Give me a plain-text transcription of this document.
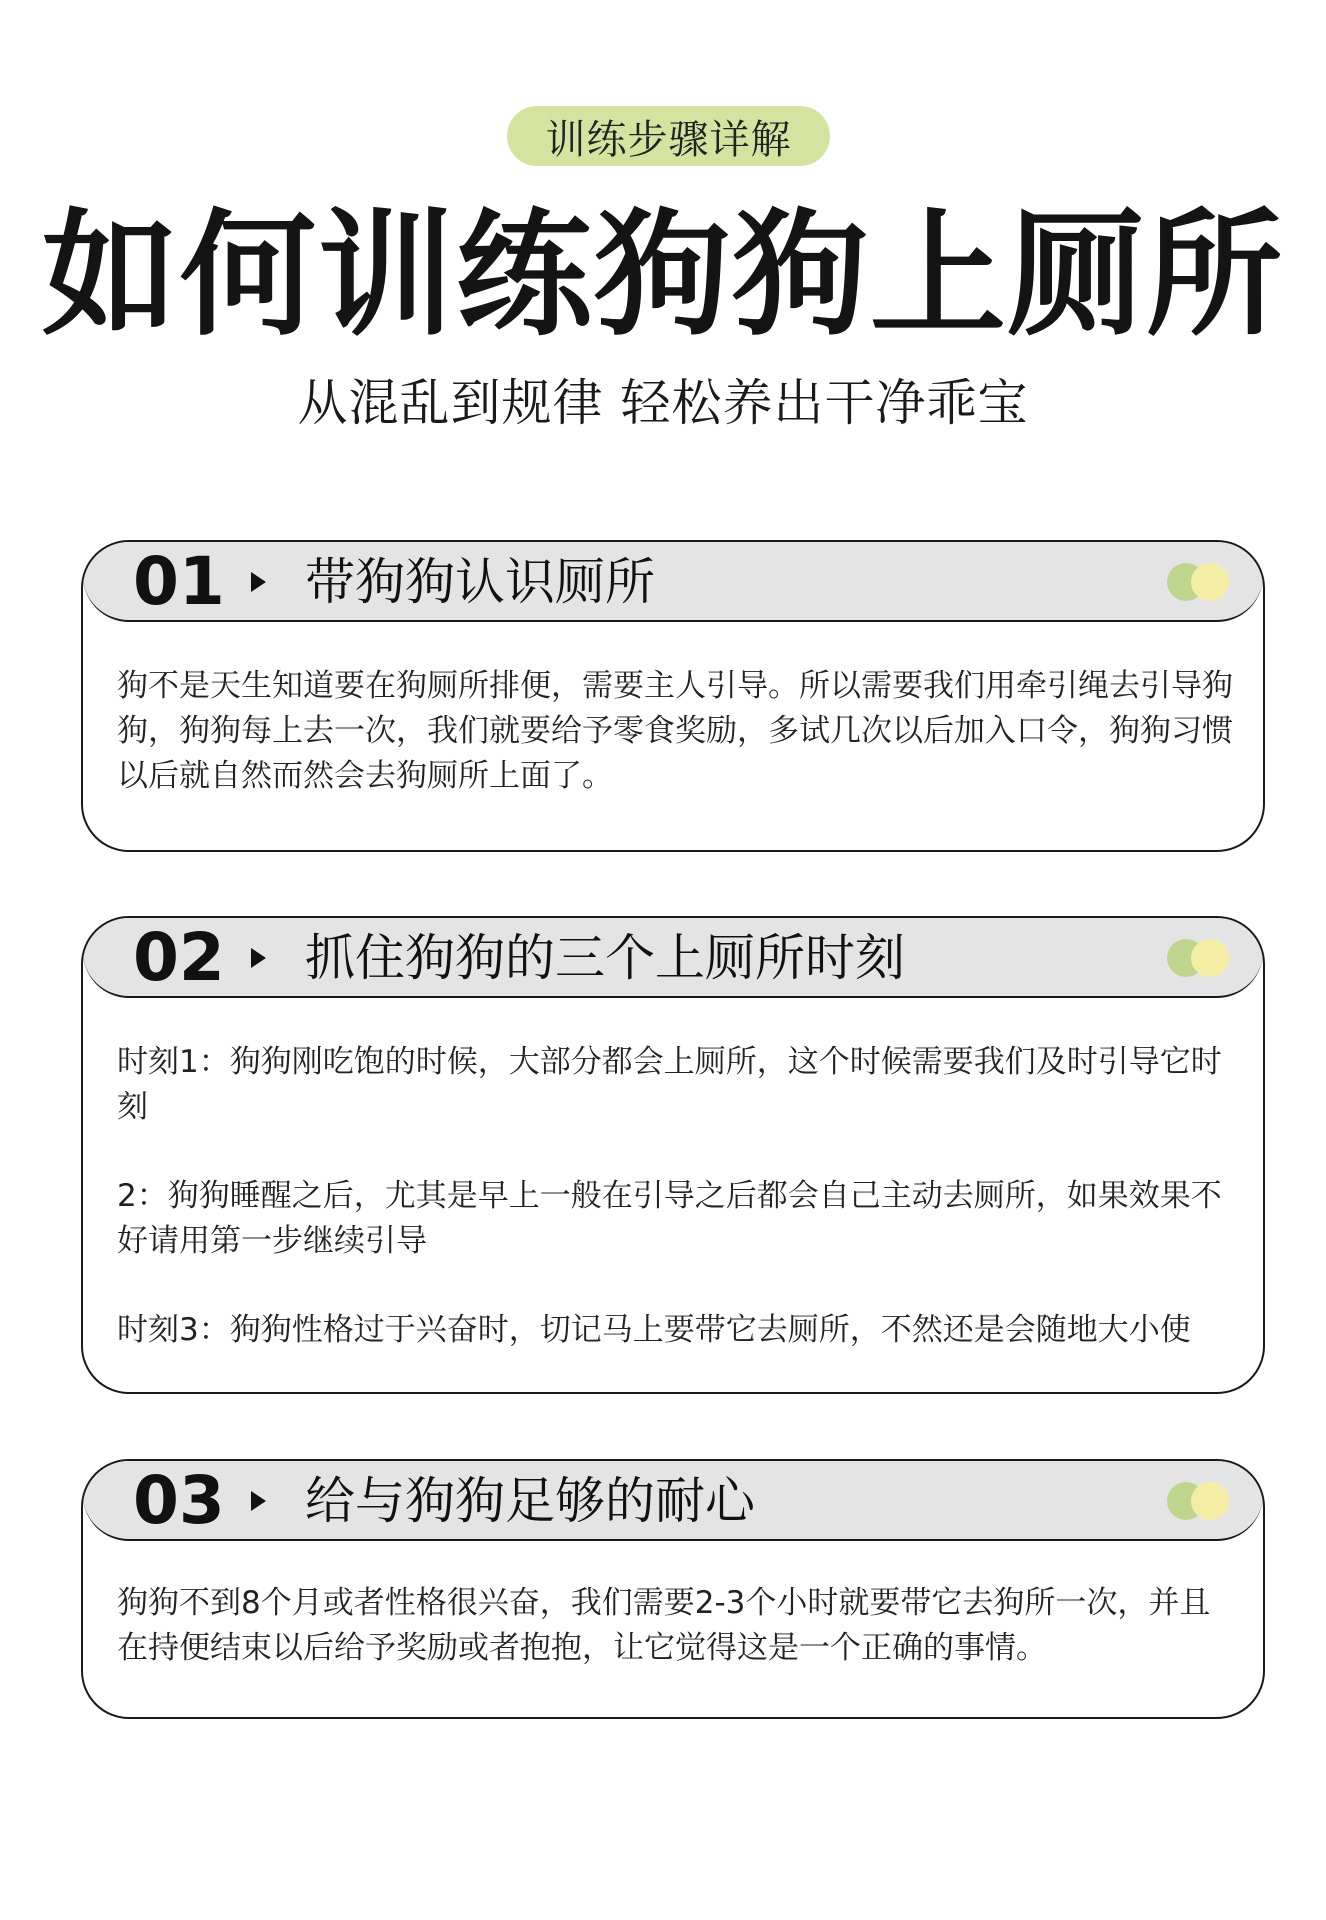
训练步骤详解
如何训练狗狗上厕所
从混乱到规律 轻松养出干净乖宝
01 带狗狗认识厕所

狗不是天生知道要在狗厕所排便，需要主人引导。所以需要我们用牵引绳去引导狗狗，狗狗每上去一次，我们就要给予零食奖励，多试几次以后加入口令，狗狗习惯以后就自然而然会去狗厕所上面了。

02 抓住狗狗的三个上厕所时刻

时刻1：狗狗刚吃饱的时候，大部分都会上厕所，这个时候需要我们及时引导它时刻

2：狗狗睡醒之后，尤其是早上一般在引导之后都会自己主动去厕所，如果效果不好请用第一步继续引导

时刻3：狗狗性格过于兴奋时，切记马上要带它去厕所，不然还是会随地大小使

03 给与狗狗足够的耐心

狗狗不到8个月或者性格很兴奋，我们需要2-3个小时就要带它去狗所一次，并且在持便结束以后给予奖励或者抱抱，让它觉得这是一个正确的事情。
